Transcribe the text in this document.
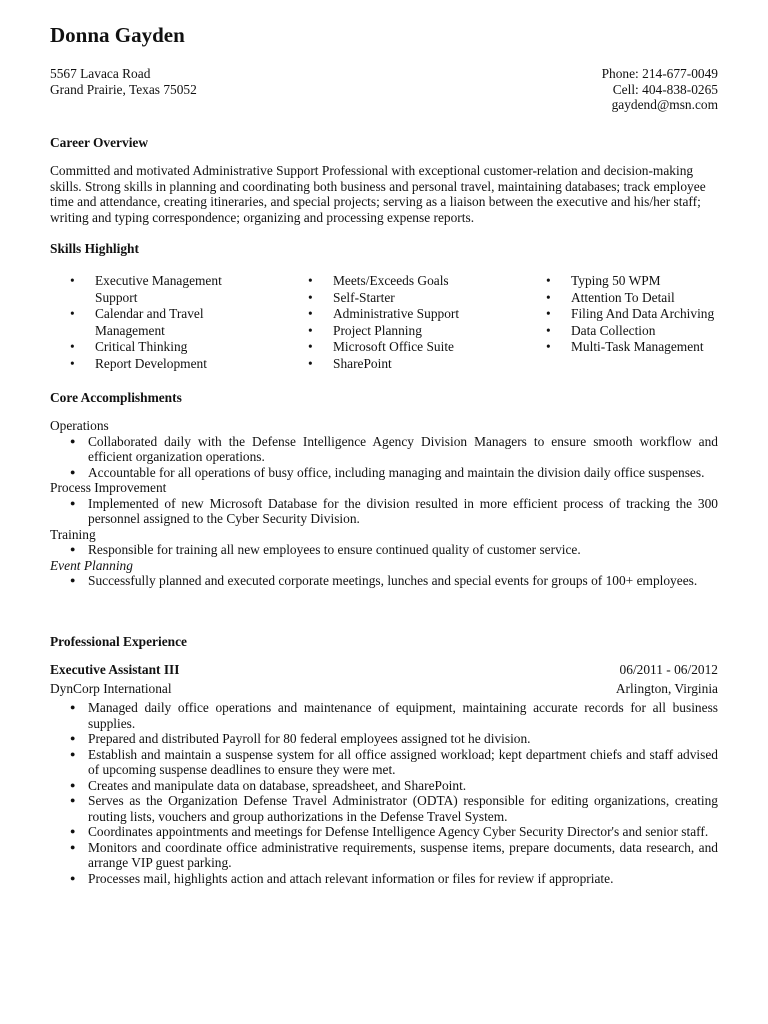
Donna Gayden
5567 Lavaca Road
Grand Prairie, Texas 75052
Phone: 214-677-0049
Cell: 404-838-0265
gaydend@msn.com
Career Overview
Committed and motivated Administrative Support Professional with exceptional customer-relation and decision-making skills. Strong skills in planning and coordinating both business and personal travel, maintaining databases; track employee time and attendance, creating itineraries, and special projects; serving as a liaison between the executive and his/her staff; writing and typing correspondence; organizing and processing expense reports.
Skills Highlight
• Executive Management Support
• Calendar and Travel Management
• Critical Thinking
• Report Development
• Meets/Exceeds Goals
• Self-Starter
• Administrative Support
• Project Planning
• Microsoft Office Suite
• SharePoint
• Typing 50 WPM
• Attention To Detail
• Filing And Data Archiving
• Data Collection
• Multi-Task Management
Core Accomplishments
Operations
● Collaborated daily with the Defense Intelligence Agency Division Managers to ensure smooth workflow and efficient organization operations.
● Accountable for all operations of busy office, including managing and maintain the division daily office suspenses.
Process Improvement
● Implemented of new Microsoft Database for the division resulted in more efficient process of tracking the 300 personnel assigned to the Cyber Security Division.
Training
● Responsible for training all new employees to ensure continued quality of customer service.
Event Planning
● Successfully planned and executed corporate meetings, lunches and special events for groups of 100+ employees.
Professional Experience
Executive Assistant III	06/2011 - 06/2012
DynCorp International	Arlington, Virginia
● Managed daily office operations and maintenance of equipment, maintaining accurate records for all business supplies.
● Prepared and distributed Payroll for 80 federal employees assigned tot he division.
● Establish and maintain a suspense system for all office assigned workload; kept department chiefs and staff advised of upcoming suspense deadlines to ensure they were met.
● Creates and manipulate data on database, spreadsheet, and SharePoint.
● Serves as the Organization Defense Travel Administrator (ODTA) responsible for editing organizations, creating routing lists, vouchers and group authorizations in the Defense Travel System.
● Coordinates appointments and meetings for Defense Intelligence Agency Cyber Security Director's and senior staff.
● Monitors and coordinate office administrative requirements, suspense items, prepare documents, data research, and arrange VIP guest parking.
● Processes mail, highlights action and attach relevant information or files for review if appropriate.
